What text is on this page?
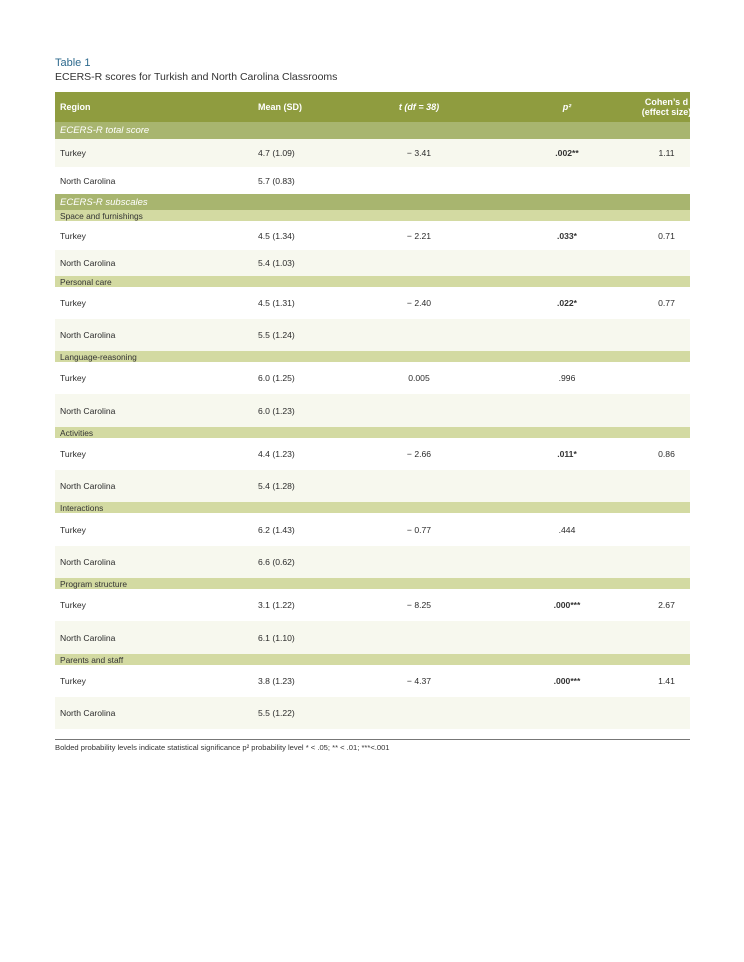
Table 1
ECERS-R scores for Turkish and North Carolina Classrooms
Region	Mean (SD)	t (df = 38)	p²	Cohen’s d
(effect size)
ECERS-R total score
Turkey	4.7 (1.09)	− 3.41	.002**	1.11
North Carolina	5.7 (0.83)
ECERS-R subscales
Space and furnishings
Turkey	4.5 (1.34)	− 2.21	.033*	0.71
North Carolina	5.4 (1.03)
Personal care
Turkey	4.5 (1.31)	− 2.40	.022*	0.77
North Carolina	5.5 (1.24)
Language-reasoning
Turkey	6.0 (1.25)	0.005	.996
North Carolina	6.0 (1.23)
Activities
Turkey	4.4 (1.23)	− 2.66	.011*	0.86
North Carolina	5.4 (1.28)
Interactions
Turkey	6.2 (1.43)	− 0.77	.444
North Carolina	6.6 (0.62)
Program structure
Turkey	3.1 (1.22)	− 8.25	.000***	2.67
North Carolina	6.1 (1.10)
Parents and staff
Turkey	3.8 (1.23)	− 4.37	.000***	1.41
North Carolina	5.5 (1.22)
Bolded probability levels indicate statistical significance p² probability level * < .05; ** < .01; ***<.001
